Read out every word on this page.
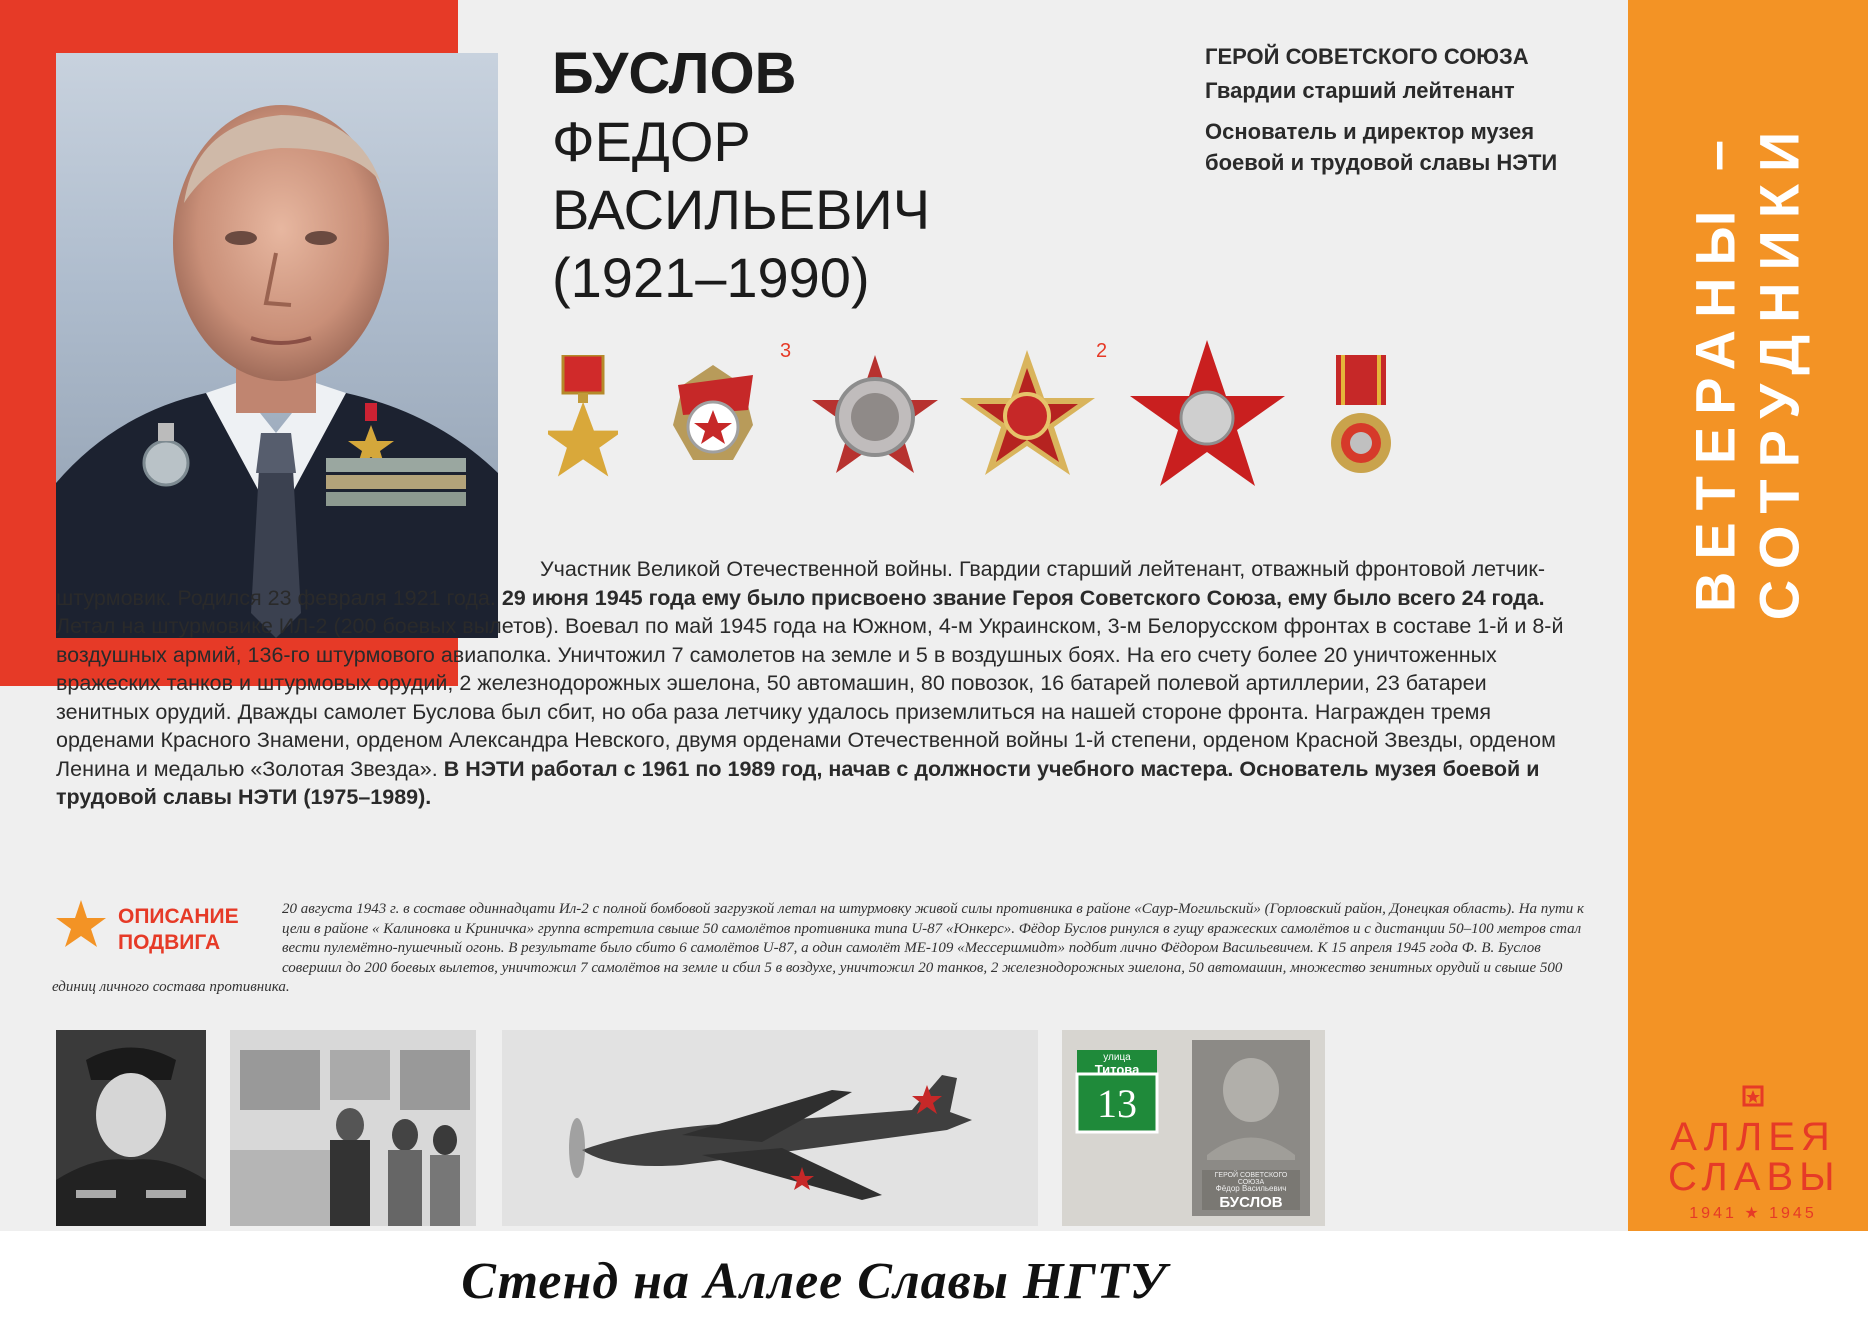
БУСЛОВ
ФЕДОР
ВАСИЛЬЕВИЧ
(1921–1990)
ГЕРОЙ СОВЕТСКОГО СОЮЗА
Гвардии старший лейтенант
Основатель и директор музея боевой и трудовой славы НЭТИ
3	2

Участник Великой Отечественной войны. Гвардии старший лейтенант, отважный фронтовой летчик-штурмовик. Родился 23 февраля 1921 года. 29 июня 1945 года ему было присвоено звание Героя Советского Союза, ему было всего 24 года. Летал на штурмовике ИЛ-2 (200 боевых вылетов). Воевал по май 1945 года на Южном, 4-м Украинском, 3-м Белорусском фронтах в составе 1-й и 8-й воздушных армий, 136-го штурмового авиаполка. Уничтожил 7 самолетов на земле и 5 в воздушных боях. На его счету более 20 уничтоженных вражеских танков и штурмовых орудий, 2 железнодорожных эшелона, 50 автомашин, 80 повозок, 16 батарей полевой артиллерии, 23 батареи зенитных орудий. Дважды самолет Буслова был сбит, но оба раза летчику удалось приземлиться на нашей стороне фронта. Награжден тремя орденами Красного Знамени, орденом Александра Невского, двумя орденами Отечественной войны 1-й степени, орденом Красной Звезды, орденом Ленина и медалью «Золотая Звезда». В НЭТИ работал с 1961 по 1989 год, начав с должности учебного мастера. Основатель музея боевой и трудовой славы НЭТИ (1975–1989).

ОПИСАНИЕ
ПОДВИГА
20 августа 1943 г. в составе одиннадцати Ил-2 с полной бомбовой загрузкой летал на штурмовку живой силы противника в районе «Саур-Могильский» (Горловский район, Донецкая область). На пути к цели в районе « Калиновка и Криничка» группа встретила свыше 50 самолётов противника типа U-87 «Юнкерс». Фёдор Буслов ринулся в гущу вражеских самолётов и с дистанции 50–100 метров стал вести пулемётно-пушечный огонь. В результате было сбито 6 самолётов U-87, а один самолёт МЕ-109 «Мессершмидт» подбит лично Фёдором Васильевичем. К 15 апреля 1945 года Ф. В. Буслов совершил до 200 боевых вылетов, уничтожил 7 самолётов на земле и сбил 5 в воздухе, уничтожил 20 танков, 2 железнодорожных эшелона, 50 автомашин, множество зенитных орудий и свыше 500 единиц личного состава противника.
улица
Титова
13
ГЕРОЙ СОВЕТСКОГО СОЮЗА
Фёдор Васильевич
БУСЛОВ
ВЕТЕРАНЫ – СОТРУДНИКИ
АЛЛЕЯ
СЛАВЫ
1941 ★ 1945
Стенд на Аллее Славы НГТУ
